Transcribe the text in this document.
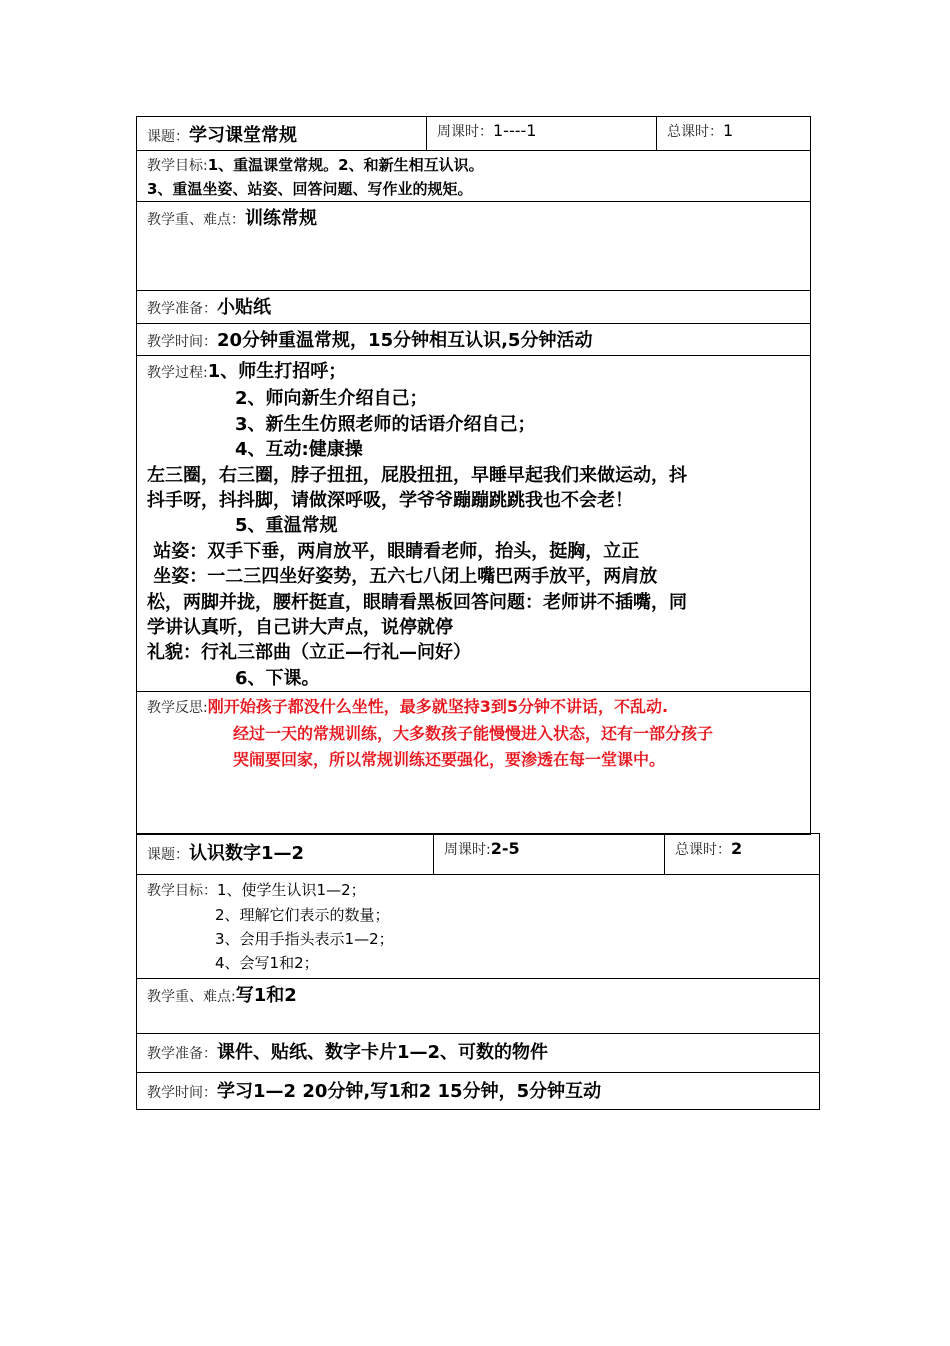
课题：学习课堂常规	周课时：1----1	总课时：1

教学目标:1、重温课堂常规。2、和新生相互认识。
3、重温坐姿、站姿、回答问题、写作业的规矩。

教学重、难点：训练常规
教学准备：小贴纸
教学时间：20分钟重温常规，15分钟相互认识,5分钟活动

教学过程:1、师生打招呼；
2、师向新生介绍自己；
3、新生生仿照老师的话语介绍自己；
4、互动:健康操
左三圈，右三圈，脖子扭扭，屁股扭扭，早睡早起我们来做运动，抖
抖手呀，抖抖脚，请做深呼吸，学爷爷蹦蹦跳跳我也不会老！
5、重温常规
站姿：双手下垂，两肩放平，眼睛看老师，抬头，挺胸，立正
坐姿：一二三四坐好姿势，五六七八闭上嘴巴两手放平，两肩放
松，两脚并拢，腰杆挺直，眼睛看黑板回答问题：老师讲不插嘴，同
学讲认真听，自己讲大声点，说停就停
礼貌：行礼三部曲（立正—行礼—问好）
6、下课。

教学反思:刚开始孩子都没什么坐性，最多就坚持3到5分钟不讲话，不乱动.
经过一天的常规训练，大多数孩子能慢慢进入状态，还有一部分孩子
哭闹要回家，所以常规训练还要强化，要渗透在每一堂课中。
课题：认识数字1—2	周课时:2-5	总课时：2

教学目标：1、使学生认识1—2；
2、理解它们表示的数量；
3、会用手指头表示1—2；
4、会写1和2；

教学重、难点:写1和2
教学准备：课件、贴纸、数字卡片1—2、可数的物件
教学时间：学习1—2 20分钟,写1和2 15分钟，5分钟互动
